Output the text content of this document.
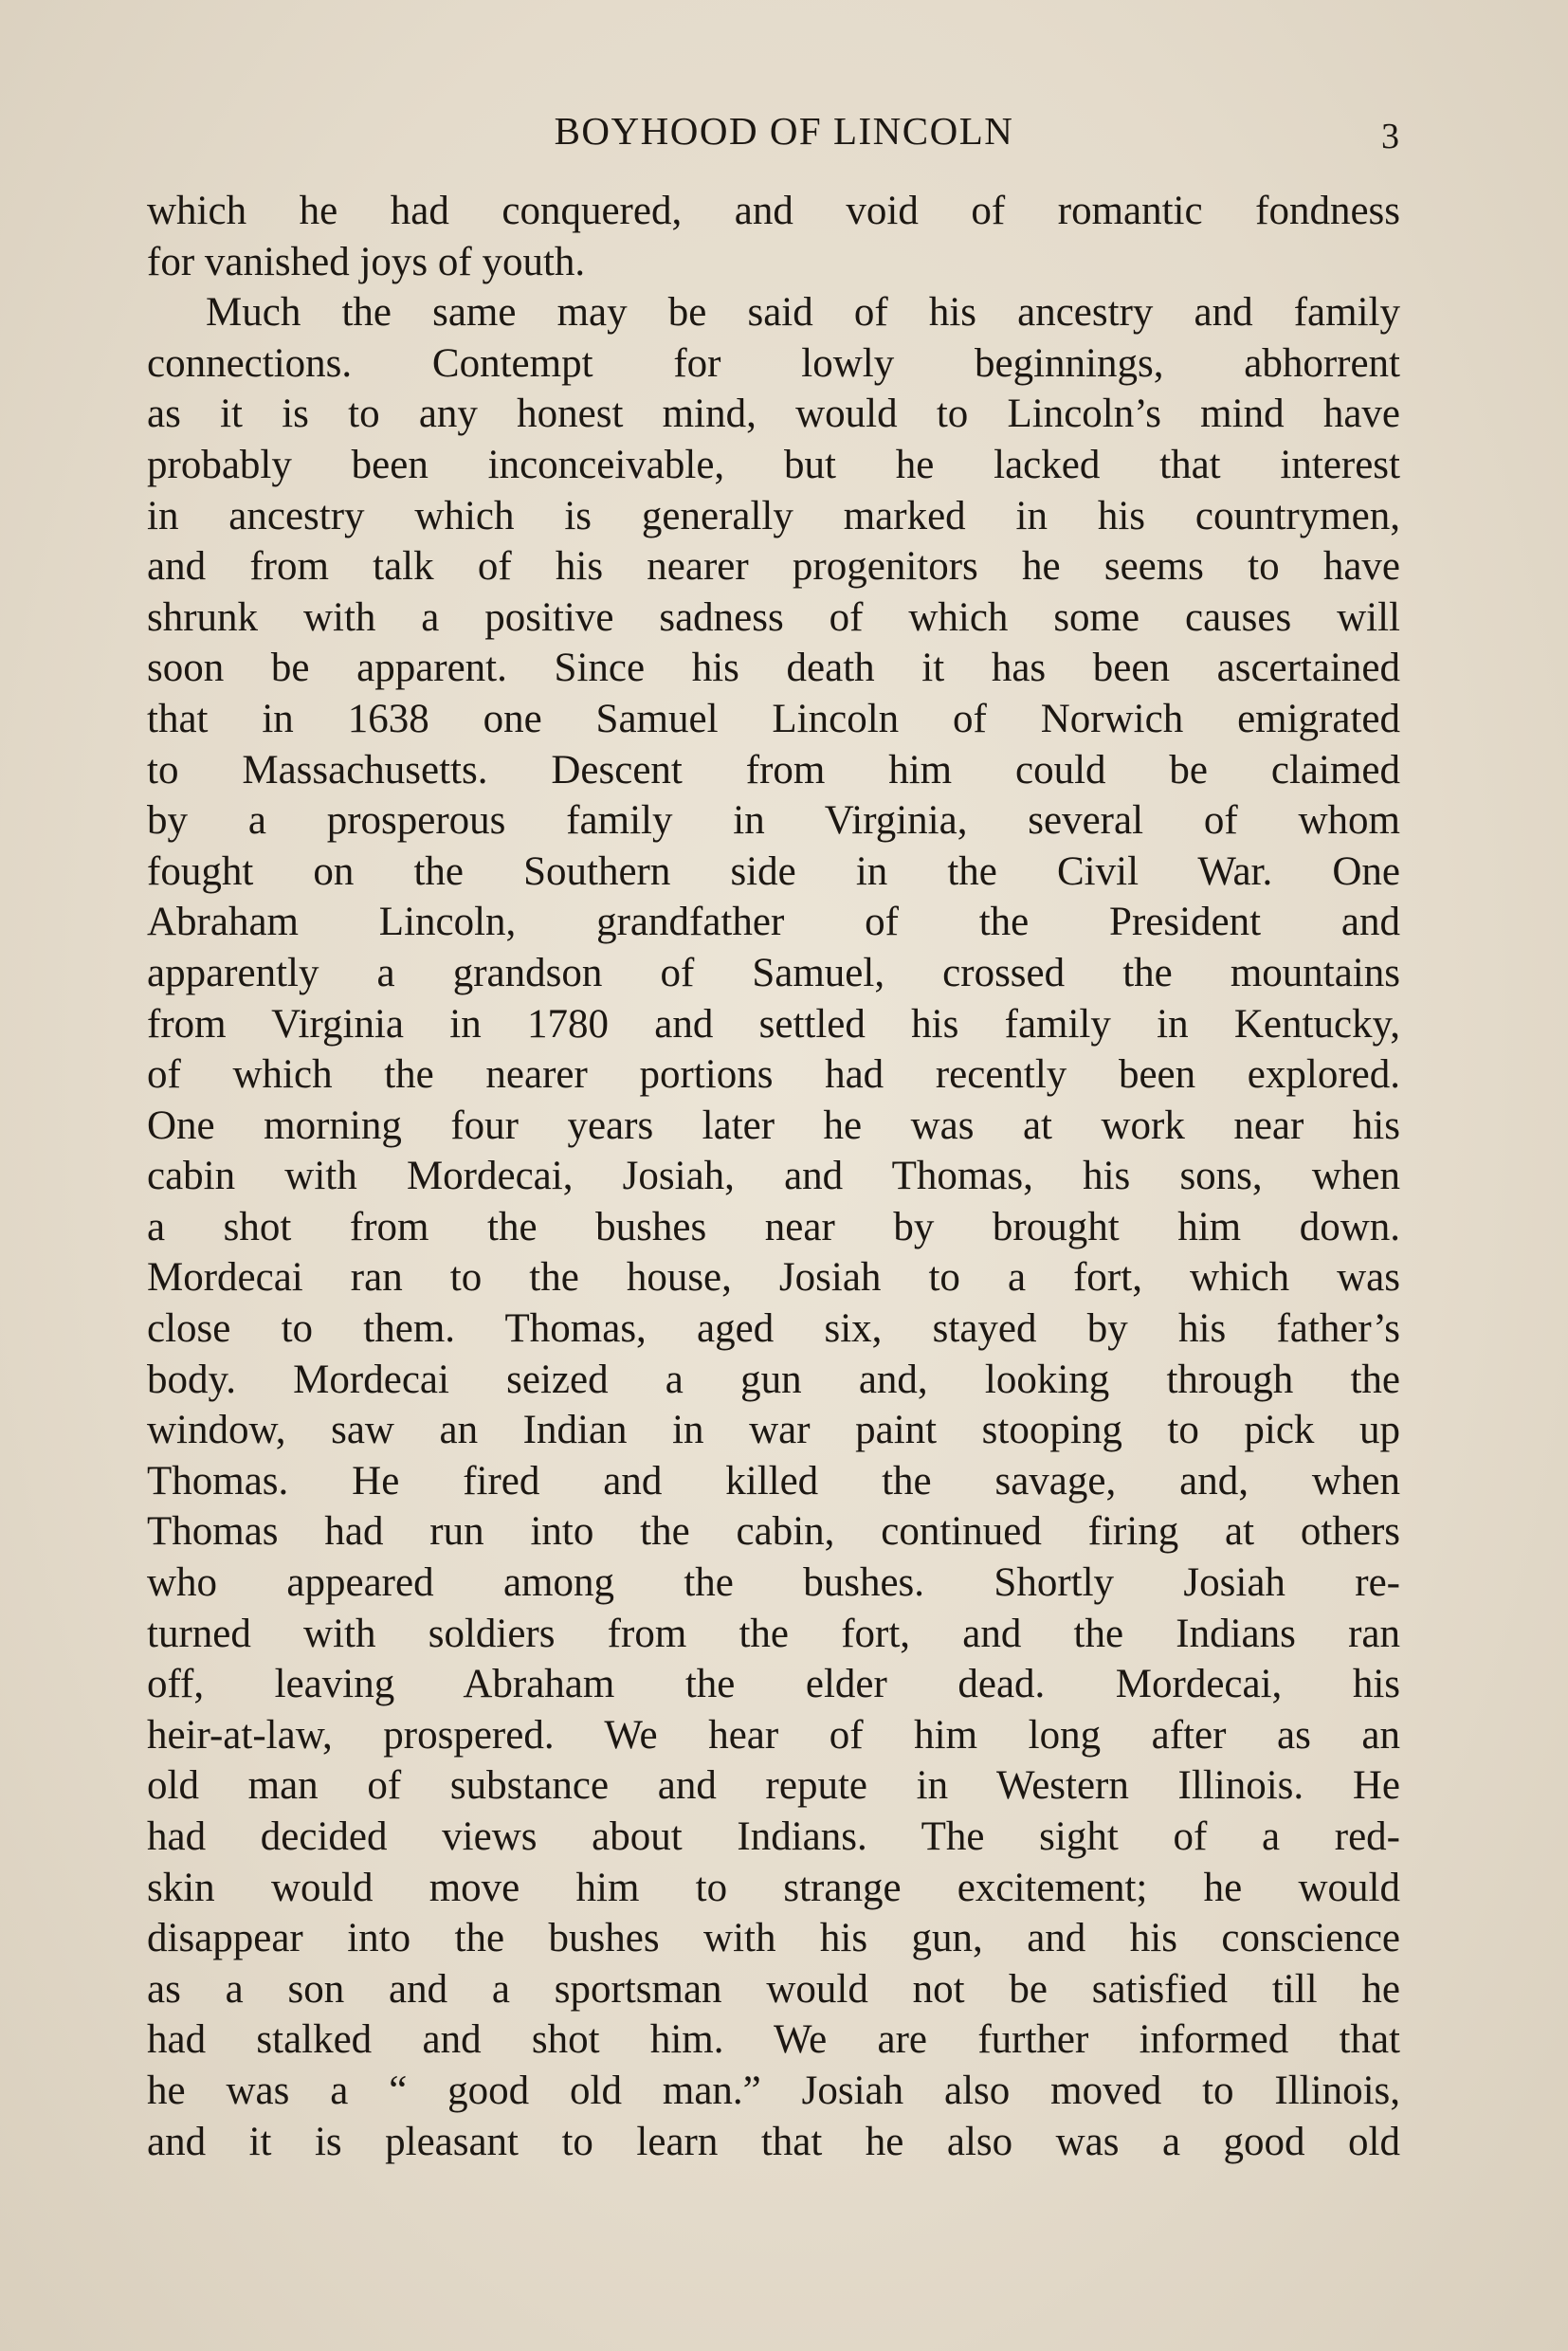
BOYHOOD OF LINCOLN	3
which he had conquered, and void of romantic fondness
for vanished joys of youth.
Much the same may be said of his ancestry and family
connections. Contempt for lowly beginnings, abhorrent
as it is to any honest mind, would to Lincoln’s mind have
probably been inconceivable, but he lacked that interest
in ancestry which is generally marked in his countrymen,
and from talk of his nearer progenitors he seems to have
shrunk with a positive sadness of which some causes will
soon be apparent. Since his death it has been ascertained
that in 1638 one Samuel Lincoln of Norwich emigrated
to Massachusetts. Descent from him could be claimed
by a prosperous family in Virginia, several of whom
fought on the Southern side in the Civil War. One
Abraham Lincoln, grandfather of the President and
apparently a grandson of Samuel, crossed the mountains
from Virginia in 1780 and settled his family in Kentucky,
of which the nearer portions had recently been explored.
One morning four years later he was at work near his
cabin with Mordecai, Josiah, and Thomas, his sons, when
a shot from the bushes near by brought him down.
Mordecai ran to the house, Josiah to a fort, which was
close to them. Thomas, aged six, stayed by his father’s
body. Mordecai seized a gun and, looking through the
window, saw an Indian in war paint stooping to pick up
Thomas. He fired and killed the savage, and, when
Thomas had run into the cabin, continued firing at others
who appeared among the bushes. Shortly Josiah re-
turned with soldiers from the fort, and the Indians ran
off, leaving Abraham the elder dead. Mordecai, his
heir-at-law, prospered. We hear of him long after as an
old man of substance and repute in Western Illinois. He
had decided views about Indians. The sight of a red-
skin would move him to strange excitement; he would
disappear into the bushes with his gun, and his conscience
as a son and a sportsman would not be satisfied till he
had stalked and shot him. We are further informed that
he was a “ good old man.” Josiah also moved to Illinois,
and it is pleasant to learn that he also was a good old
